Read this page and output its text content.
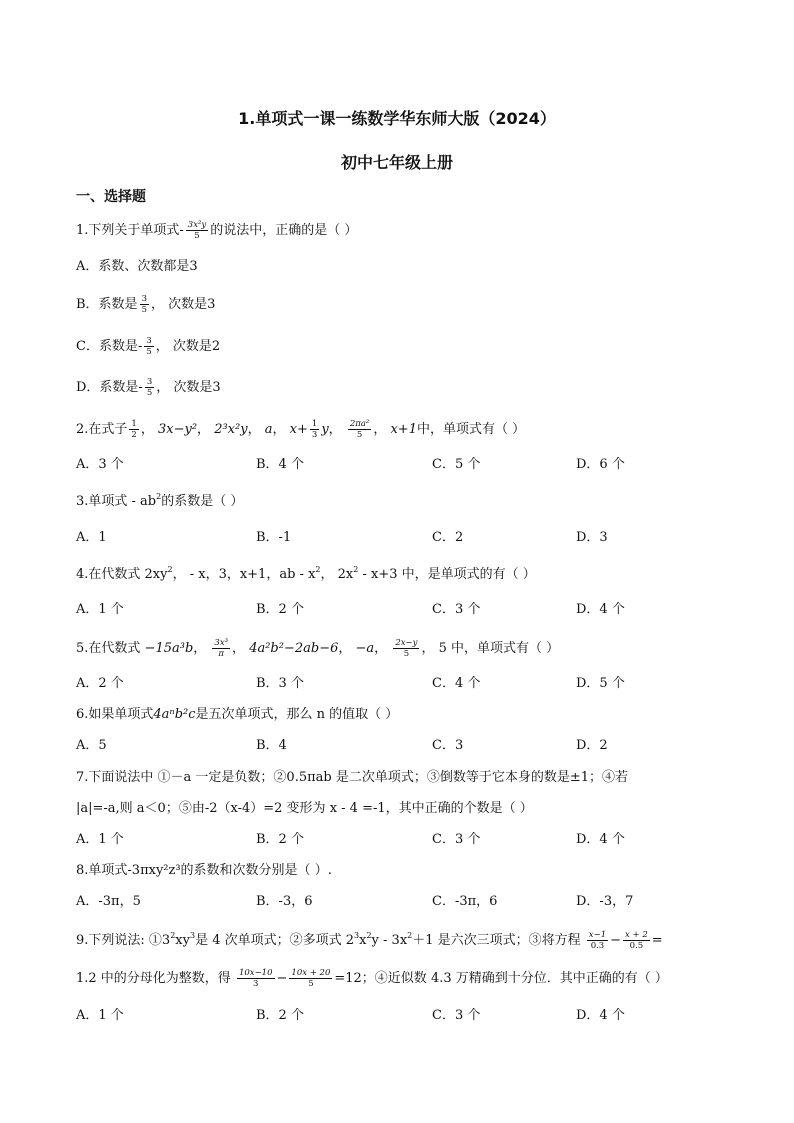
1.单项式一课一练数学华东师大版（2024）
初中七年级上册
一、选择题
1.下列关于单项式- $\frac{\text{3x²y}}{5}$ 的说法中，正确的是（ ）
A．系数、次数都是3
B．系数是 $\frac{3}{5}$ ， 次数是3
C．系数是- $\frac{3}{5}$ ， 次数是2
D．系数是- $\frac{3}{5}$ ， 次数是3
2.在式子 $\frac{1}{2}$ ， 3x−y²， 2³x²y， a， $x+ \frac{1}{3}$ y， $\frac{\text{2πa²}}{5}$ ， x+1中，单项式有（ ）
A．3 个	B．4 个	C．5 个	D．6 个
3.单项式 - $ab^2$的系数是（ ）
A．1	B．-1	C．2	D．3
4.在代数式 $2xy^2$， - x，3，x+1，ab - $x^2$， $2x^2 - x+3$ 中，是单项式的有（ ）
A．1 个	B．2 个	C．3 个	D．4 个
5.在代数式 −15a³b， $\frac{\text{3x³}}{\pi}$ ， 4a²b²−2ab−6， −a， $\frac{2x-y}{5}$ ， 5 中，单项式有（ ）
A．2 个	B．3 个	C．4 个	D．5 个
6.如果单项式4aⁿb²c是五次单项式，那么 n 的值取（ ）
A．5	B．4	C．3	D．2
7.下面说法中 ①－a 一定是负数；②0.5πab 是二次单项式；③倒数等于它本身的数是±1；④若
|a|=-a,则 a＜0；⑤由-2（x-4）=2 变形为 x - 4 =-1，其中正确的个数是（ ）
A．1 个	B．2 个	C．3 个	D．4 个
8.单项式-3πxy²z³的系数和次数分别是（ ）.
A．-3π，5	B．-3，6	C．-3π，6	D．-3，7
9.下列说法: $①3^2xy^3$是 4 次单项式；②多项式 $2^3x^2y - 3x^2+1$ 是六次三项式；③将方程 $\frac{x-1}{0.3} - \frac{x + 2}{0.5}$ =
1.2 中的分母化为整数，得 $\frac{10x-10}{3} - \frac{10x + 20}{5} =12$；④近似数 4.3 万精确到十分位．其中正确的有（ ）
A．1 个	B．2 个	C．3 个	D．4 个
